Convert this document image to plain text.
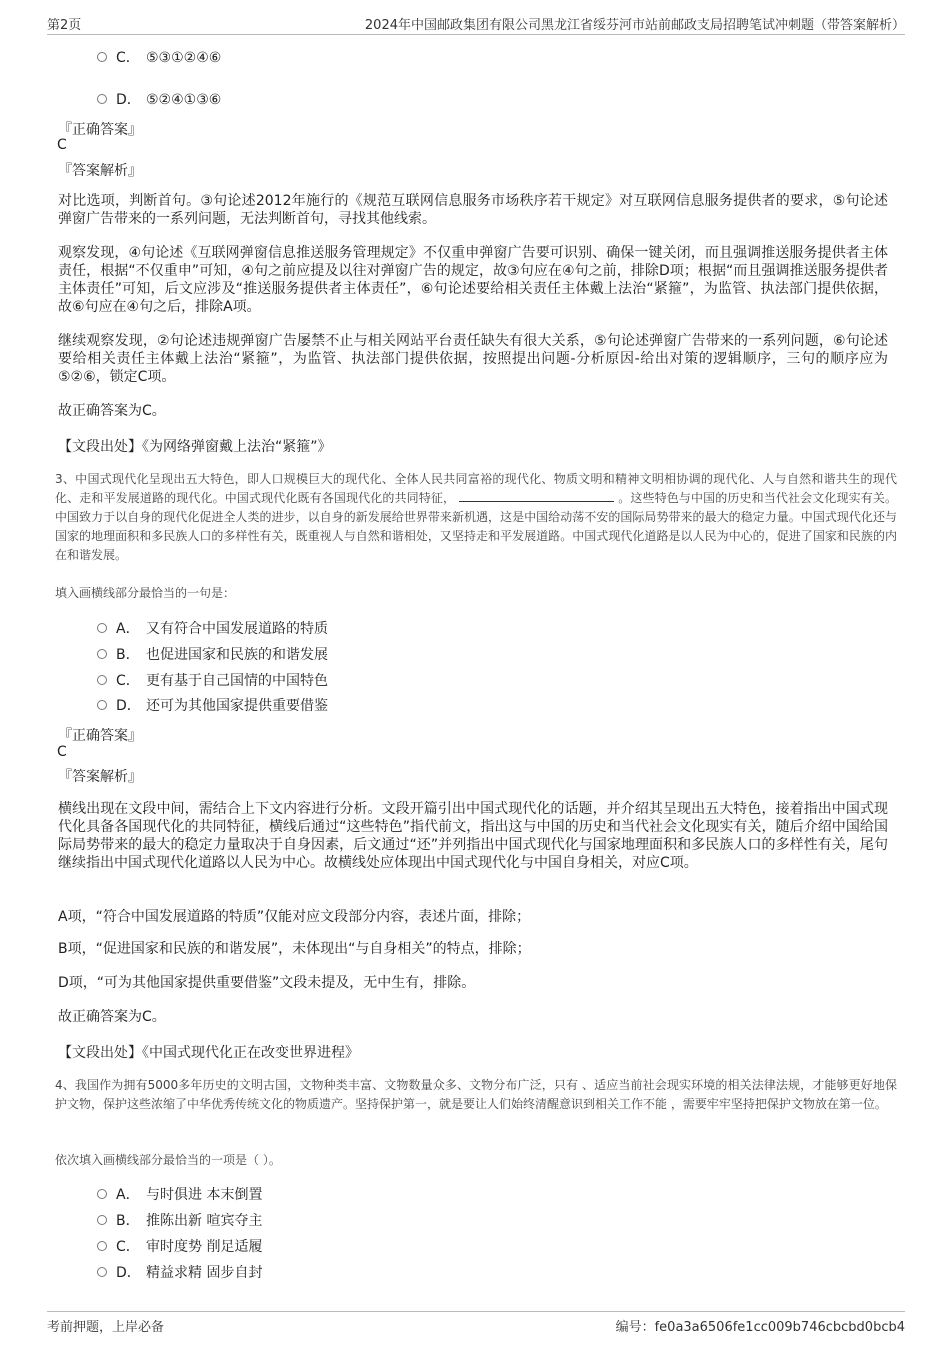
第2页	2024年中国邮政集团有限公司黑龙江省绥芬河市站前邮政支局招聘笔试冲刺题（带答案解析）
C． ⑤③①②④⑥
D． ⑤②④①③⑥
『正确答案』
C
『答案解析』
对比选项，判断首句。③句论述2012年施行的《规范互联网信息服务市场秩序若干规定》对互联网信息服务提供者的要求，⑤句论述弹窗广告带来的一系列问题，无法判断首句，寻找其他线索。
观察发现，④句论述《互联网弹窗信息推送服务管理规定》不仅重申弹窗广告要可识别、确保一键关闭，而且强调推送服务提供者主体责任，根据“不仅重申”可知，④句之前应提及以往对弹窗广告的规定，故③句应在④句之前，排除D项；根据“而且强调推送服务提供者主体责任”可知，后文应涉及“推送服务提供者主体责任”，⑥句论述要给相关责任主体戴上法治“紧箍”，为监管、执法部门提供依据，故⑥句应在④句之后，排除A项。
继续观察发现，②句论述违规弹窗广告屡禁不止与相关网站平台责任缺失有很大关系，⑤句论述弹窗广告带来的一系列问题，⑥句论述要给相关责任主体戴上法治“紧箍”，为监管、执法部门提供依据，按照提出问题-分析原因-给出对策的逻辑顺序，三句的顺序应为⑤②⑥，锁定C项。
故正确答案为C。
【文段出处】《为网络弹窗戴上法治“紧箍”》
3、中国式现代化呈现出五大特色，即人口规模巨大的现代化、全体人民共同富裕的现代化、物质文明和精神文明相协调的现代化、人与自然和谐共生的现代化、走和平发展道路的现代化。中国式现代化既有各国现代化的共同特征，	。这些特色与中国的历史和当代社会文化现实有关。中国致力于以自身的现代化促进全人类的进步，以自身的新发展给世界带来新机遇，这是中国给动荡不安的国际局势带来的最大的稳定力量。中国式现代化还与国家的地理面积和多民族人口的多样性有关，既重视人与自然和谐相处，又坚持走和平发展道路。中国式现代化道路是以人民为中心的，促进了国家和民族的内在和谐发展。
填入画横线部分最恰当的一句是：
A． 又有符合中国发展道路的特质
B． 也促进国家和民族的和谐发展
C． 更有基于自己国情的中国特色
D． 还可为其他国家提供重要借鉴
『正确答案』
C
『答案解析』
横线出现在文段中间，需结合上下文内容进行分析。文段开篇引出中国式现代化的话题，并介绍其呈现出五大特色，接着指出中国式现代化具备各国现代化的共同特征，横线后通过“这些特色”指代前文，指出这与中国的历史和当代社会文化现实有关，随后介绍中国给国际局势带来的最大的稳定力量取决于自身因素，后文通过“还”并列指出中国式现代化与国家地理面积和多民族人口的多样性有关，尾句继续指出中国式现代化道路以人民为中心。故横线处应体现出中国式现代化与中国自身相关，对应C项。
A项，“符合中国发展道路的特质”仅能对应文段部分内容，表述片面，排除；
B项，“促进国家和民族的和谐发展”，未体现出“与自身相关”的特点，排除；
D项，“可为其他国家提供重要借鉴”文段未提及，无中生有，排除。
故正确答案为C。
【文段出处】《中国式现代化正在改变世界进程》
4、我国作为拥有5000多年历史的文明古国，文物种类丰富、文物数量众多、文物分布广泛，只有 、适应当前社会现实环境的相关法律法规，才能够更好地保护文物，保护这些浓缩了中华优秀传统文化的物质遗产。坚持保护第一，就是要让人们始终清醒意识到相关工作不能 ，需要牢牢坚持把保护文物放在第一位。
依次填入画横线部分最恰当的一项是（ ）。
A． 与时俱进 本末倒置
B． 推陈出新 喧宾夺主
C． 审时度势 削足适履
D． 精益求精 固步自封
考前押题，上岸必备	编号：fe0a3a6506fe1cc009b746cbcbd0bcb4
